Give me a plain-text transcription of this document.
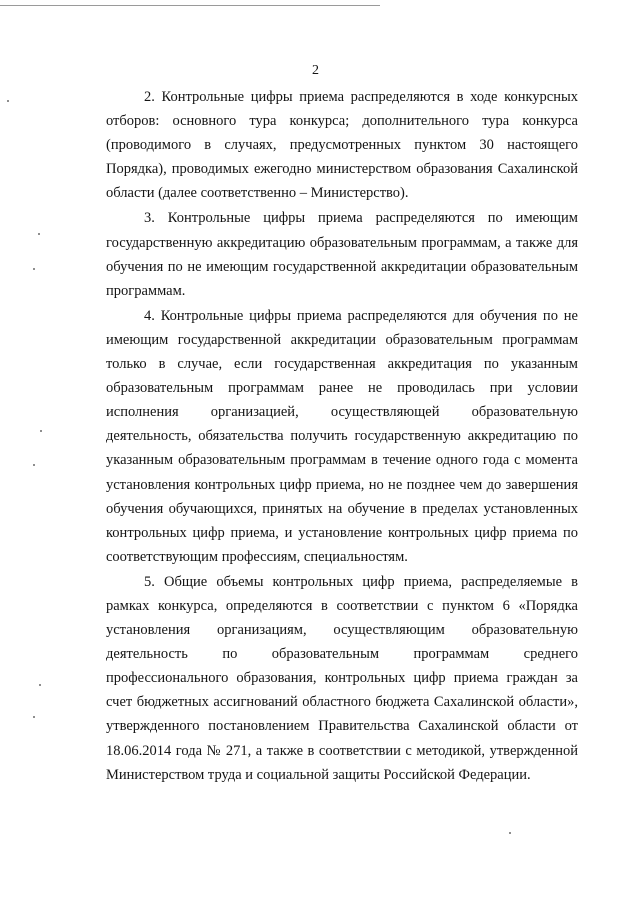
2

2. Контрольные цифры приема распределяются в ходе конкурсных отборов: основного тура конкурса; дополнительного тура конкурса (проводимого в случаях, предусмотренных пунктом 30 настоящего Порядка), проводимых ежегодно министерством образования Сахалинской области (далее соответственно – Министерство).

3. Контрольные цифры приема распределяются по имеющим государственную аккредитацию образовательным программам, а также для обучения по не имеющим государственной аккредитации образовательным программам.

4. Контрольные цифры приема распределяются для обучения по не имеющим государственной аккредитации образовательным программам только в случае, если государственная аккредитация по указанным образовательным программам ранее не проводилась при условии исполнения организацией, осуществляющей образовательную деятельность, обязательства получить государственную аккредитацию по указанным образовательным программам в течение одного года с момента установления контрольных цифр приема, но не позднее чем до завершения обучения обучающихся, принятых на обучение в пределах установленных контрольных цифр приема, и установление контрольных цифр приема по соответствующим профессиям, специальностям.

5. Общие объемы контрольных цифр приема, распределяемые в рамках конкурса, определяются в соответствии с пунктом 6 «Порядка установления организациям, осуществляющим образовательную деятельность по образовательным программам среднего профессионального образования, контрольных цифр приема граждан за счет бюджетных ассигнований областного бюджета Сахалинской области», утвержденного постановлением Правительства Сахалинской области от 18.06.2014 года № 271, а также в соответствии с методикой, утвержденной Министерством труда и социальной защиты Российской Федерации.
